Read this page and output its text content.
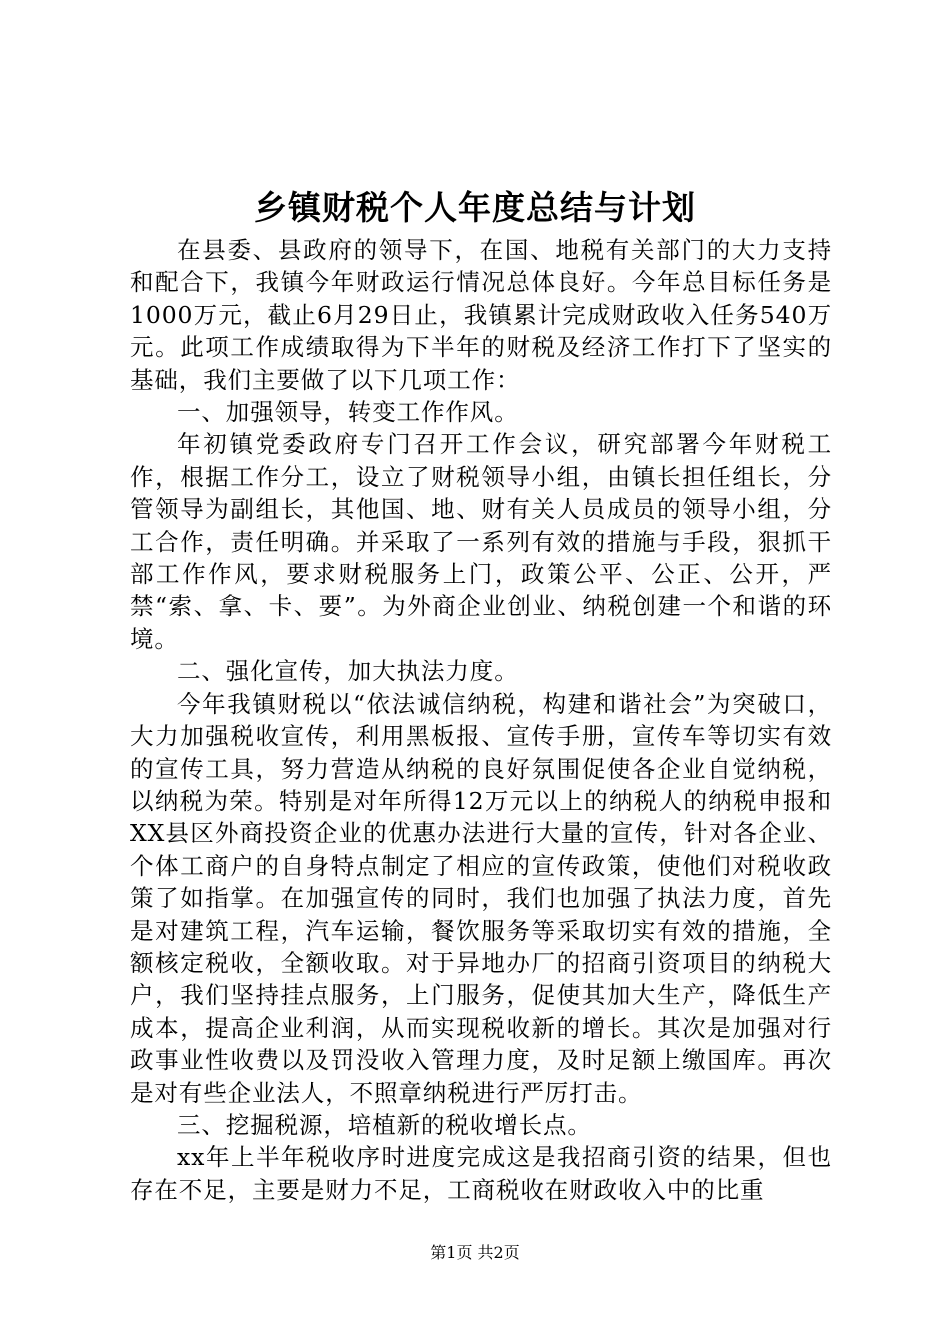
乡镇财税个人年度总结与计划

在县委、县政府的领导下，在国、地税有关部门的大力支持和配合下，我镇今年财政运行情况总体良好。今年总目标任务是1000万元，截止6月29日止，我镇累计完成财政收入任务540万元。此项工作成绩取得为下半年的财税及经济工作打下了坚实的基础，我们主要做了以下几项工作：

一、加强领导，转变工作作风。

年初镇党委政府专门召开工作会议，研究部署今年财税工作，根据工作分工，设立了财税领导小组，由镇长担任组长，分管领导为副组长，其他国、地、财有关人员成员的领导小组，分工合作，责任明确。并采取了一系列有效的措施与手段，狠抓干部工作作风，要求财税服务上门，政策公平、公正、公开，严禁“索、拿、卡、要”。为外商企业创业、纳税创建一个和谐的环境。

二、强化宣传，加大执法力度。

今年我镇财税以“依法诚信纳税，构建和谐社会”为突破口，大力加强税收宣传，利用黑板报、宣传手册，宣传车等切实有效的宣传工具，努力营造从纳税的良好氛围促使各企业自觉纳税，以纳税为荣。特别是对年所得12万元以上的纳税人的纳税申报和XX县区外商投资企业的优惠办法进行大量的宣传，针对各企业、个体工商户的自身特点制定了相应的宣传政策，使他们对税收政策了如指掌。在加强宣传的同时，我们也加强了执法力度，首先是对建筑工程，汽车运输，餐饮服务等采取切实有效的措施，全额核定税收，全额收取。对于异地办厂的招商引资项目的纳税大户，我们坚持挂点服务，上门服务，促使其加大生产，降低生产成本，提高企业利润，从而实现税收新的增长。其次是加强对行政事业性收费以及罚没收入管理力度，及时足额上缴国库。再次是对有些企业法人，不照章纳税进行严厉打击。

三、挖掘税源，培植新的税收增长点。

xx年上半年税收序时进度完成这是我招商引资的结果，但也存在不足，主要是财力不足，工商税收在财政收入中的比重

第1页 共2页
